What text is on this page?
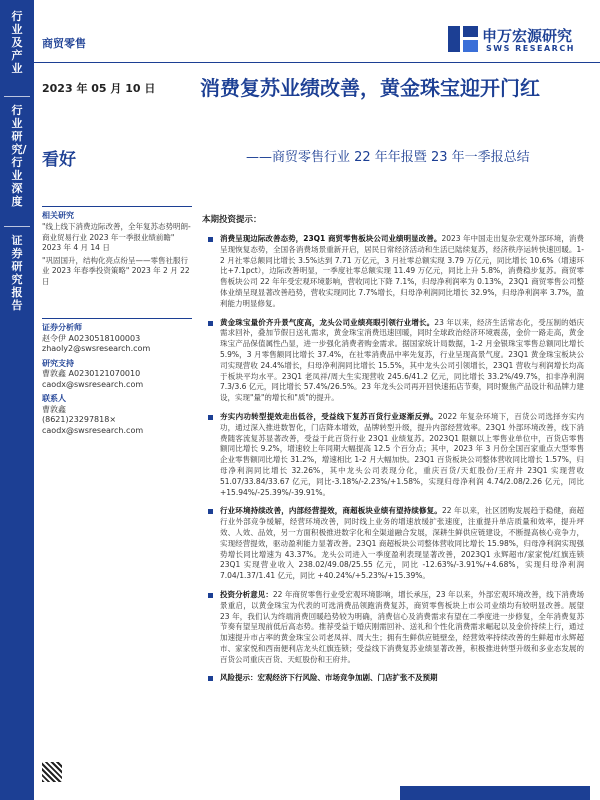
行业及产业
行业研究/行业深度
证券研究报告
商贸零售	申万宏源研究
SWS RESEARCH
2023 年 05 月 10 日
看好
消费复苏业绩改善，黄金珠宝迎开门红
——商贸零售行业 22 年年报暨 23 年一季报总结
相关研究

"线上线下消费边际改善，全年复苏态势明朗- 商业贸易行业 2023 年一季报业绩前瞻" 2023 年 4 月 14 日

"巩固国升，结构化亮点纷呈——零售社服行业 2023 年春季投资策略" 2023 年 2 月 22 日

证券分析师
赵令伊 A0230518100003
zhaoly2@swsresearch.com
研究支持
曹敦鑫 A0230121070010
caodx@swsresearch.com
联系人
曹敦鑫
(8621)23297818×
caodx@swsresearch.com
本期投资提示：
消费呈现边际改善态势，23Q1 商贸零售板块公司业绩明显改善。2023 年中国走出复杂宏观外部环境，消费呈现恢复态势，全国各消费场景重新开启，居民日常经济活动和生活已陆续复苏，经济秩序运转快速回暖。1-2 月社零总额同比增长 3.5%达到 7.71 万亿元，3 月社零总额实现 3.79 万亿元，同比增长 10.6%（增速环比+7.1pct），边际改善明显，一季度社零总额实现 11.49 万亿元，同比上升 5.8%，消费稳步复苏。商贸零售板块公司 22 年年受宏观环境影响，营收同比下降 7.1%，归母净利润率为 0.13%，23Q1 商贸零售公司整体业绩呈现显著改善趋势，营收实现同比 7.7%增长，归母净利润同比增长 32.9%，归母净利润率 3.7%，盈利能力明显修复。
黄金珠宝量价齐升景气度高，龙头公司业绩亮眼引领行业增长。23 年以来，经济生活常态化，受压制的婚庆需求回补，叠加节假日送礼需求，黄金珠宝消费迅速回暖，同时全球政治经济环境震荡，金价一路走高，黄金珠宝产品保值属性凸显，进一步强化消费者购金需求。据国家统计局数据，1-2 月金银珠宝零售总额同比增长 5.9%，3 月零售额同比增长 37.4%，在社零消费品中率先复苏，行业呈现高景气度。23Q1 黄金珠宝板块公司实现营收 24.4%增长，归母净利润同比增长 15.5%，其中龙头公司引领增长，23Q1 营收与利润增长均高于板块平均水平。23Q1 老凤祥/周大生实现营收 245.6/41.2 亿元，同比增长 33.2%/49.7%，扣非净利润 7.3/3.6 亿元，同比增长 57.4%/26.5%。23 年龙头公司再开回快速拓店节奏，同时聚焦产品设计和品牌力建设，实现"量"的增长和"质"的提升。
夯实内功转型提效走出低谷，受益线下复苏百货行业逐渐反弹。2022 年复杂环境下，百货公司选择夯实内功，通过深入推进数智化，门店降本增效，品牌转型升级，提升内部经营效率。23Q1 外部环境改善，线下消费随客流复苏显著改善，受益于此百货行业 23Q1 业绩复苏。2023Q1 限额以上零售业单位中，百货店零售额同比增长 9.2%，增速较上年同期大幅提高 12.5 个百分点；其中，2023 年 3 月份全国百家重点大型零售企业零售额同比增长 31.2%，增速相比 1-2 月大幅加快。23Q1 百货板块公司整体营收同比增长 1.57%，归母净利润同比增长 32.26%，其中龙头公司表现分化，重庆百货/天虹股份/王府井 23Q1 实现营收 51.07/33.84/33.67 亿元，同比-3.18%/-2.23%/+1.58%，实现归母净利润 4.74/2.08/2.26 亿元，同比+15.94%/-25.39%/-39.91%。
行业环境持续改善，内部经营提效，商超板块业绩有望持续修复。22 年以来，社区团购发展趋于稳健，商超行业外部竞争缓解，经营环境改善，同时线上业务的增速放缓扩张速度，注重提升单店质量和效率，提升坪效、人效、品效，另一方面积极推进数字化和全渠道融合发展，深耕生鲜供应链建设，不断提高核心竞争力，实现经营提效，驱动盈利能力显著改善。23Q1 商超板块公司整体营收同比增长 15.98%，归母净利润实现强势增长同比增速为 43.37%。龙头公司进入一季度盈利表现显著改善，2023Q1 永辉超市/家家悦/红旗连锁 23Q1 实现营业收入 238.02/49.08/25.55 亿元，同比 -12.63%/-3.91%/+4.68%，实现归母净利润 7.04/1.37/1.41 亿元，同比 +40.24%/+5.23%/+15.39%。
投资分析意见：22 年商贸零售行业受宏观环境影响，增长承压，23 年以来，外部宏观环境改善，线下消费场景重启，以黄金珠宝为代表的可选消费品领跑消费复苏，商贸零售板块上市公司业绩均有较明显改善。展望 23 年，我们认为终端消费回暖趋势较为明确，消费信心及消费需求有望在二季度进一步修复，全年消费复苏节奏有望呈现前低后高态势。推荐受益于婚庆刚需回补、送礼和个性化消费需求崛起以及金价持续上行，通过加速提升市占率的黄金珠宝公司老凤祥、周大生；拥有生鲜供应链壁垒，经营效率持续改善的生鲜超市永辉超市、家家悦和西南便利店龙头红旗连锁；受益线下消费复苏业绩显著改善，积极推进转型升级和多业态发展的百货公司重庆百货、天虹股份和王府井。
风险提示：宏观经济下行风险、市场竞争加剧、门店扩张不及预期
